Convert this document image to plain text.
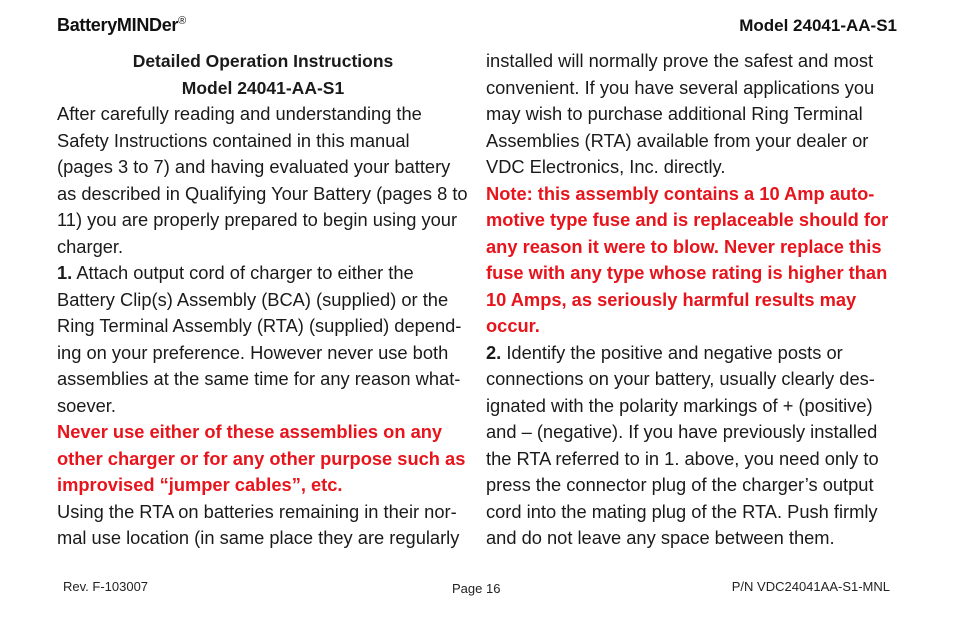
BatteryMINDer®	Model 24041-AA-S1

Detailed Operation Instructions

Model 24041-AA-S1

After carefully reading and understanding the Safety Instructions contained in this manual (pages 3 to 7) and having evaluated your battery as described in Qualifying Your Battery (pages 8 to 11) you are properly prepared to begin using your charger.

1. Attach output cord of charger to either the Battery Clip(s) Assembly (BCA) (supplied) or the Ring Terminal Assembly (RTA) (supplied) depend-ing on your preference. However never use both assemblies at the same time for any reason what-soever.

Never use either of these assemblies on any other charger or for any other purpose such as improvised “jumper cables”, etc.

Using the RTA on batteries remaining in their nor-mal use location (in same place they are regularly

installed will normally prove the safest and most convenient. If you have several applications you may wish to purchase additional Ring Terminal Assemblies (RTA) available from your dealer or VDC Electronics, Inc. directly.

Note: this assembly contains a 10 Amp auto-motive type fuse and is replaceable should for any reason it were to blow. Never replace this fuse with any type whose rating is higher than 10 Amps, as seriously harmful results may occur.

2. Identify the positive and negative posts or connections on your battery, usually clearly des-ignated with the polarity markings of + (positive) and – (negative). If you have previously installed the RTA referred to in 1. above, you need only to press the connector plug of the charger’s output cord into the mating plug of the RTA. Push firmly and do not leave any space between them.

Rev. F-103007	Page 16	P/N VDC24041AA-S1-MNL
